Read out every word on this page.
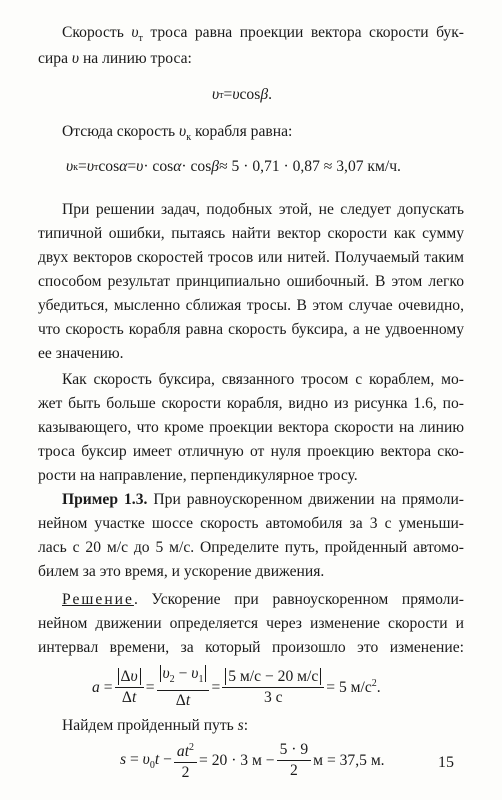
Скорость $\upsilon_т$ троса равна проекции вектора скорости бук-
сира υ на линию троса:
υ т = υ cos β .
Отсюда скорость $\upsilon_к$ корабля равна:
υ к = υ т cos α = υ · cos α · cos β ≈ 5 · 0,71 · 0,87 ≈ 3,07 км/ч.
При решении задач, подобных этой, не следует допускать
типичной ошибки, пытаясь найти вектор скорости как сумму
двух векторов скоростей тросов или нитей. Получаемый таким
способом результат принципиально ошибочный. В этом легко
убедиться, мысленно сближая тросы. В этом случае очевидно,
что скорость корабля равна скорость буксира, а не удвоенному
ее значению.
Как скорость буксира, связанного тросом с кораблем, мо-
жет быть больше скорости корабля, видно из рисунка 1.6, по-
казывающего, что кроме проекции вектора скорости на линию
троса буксир имеет отличную от нуля проекцию вектора ско-
рости на направление, перпендикулярное тросу.
Пример 1.3. При равноускоренном движении на прямоли-
нейном участке шоссе скорость автомобиля за 3 с уменьши-
лась с 20 м/с до 5 м/с. Определите путь, пройденный автомо-
билем за это время, и ускорение движения.
Решение. Ускорение при равноускоренном прямоли-
нейном движении определяется через изменение скорости и
интервал времени, за который произошло это изменение:
$a = \frac{\Delta\upsilon}{\Delta t} = \frac{\upsilon_2 - \upsilon_1}{\Delta t} = \frac{5 м/с - 20 м/с}{3 с} = 5$ $м/с^2$.
Найдем пройденный путь s:
$s = \upsilon_0t - \frac{at^2}{2} = 20 \cdot 3$ $м - \frac{5 \cdot 9}{2}$ м = 37,5 м.	15
